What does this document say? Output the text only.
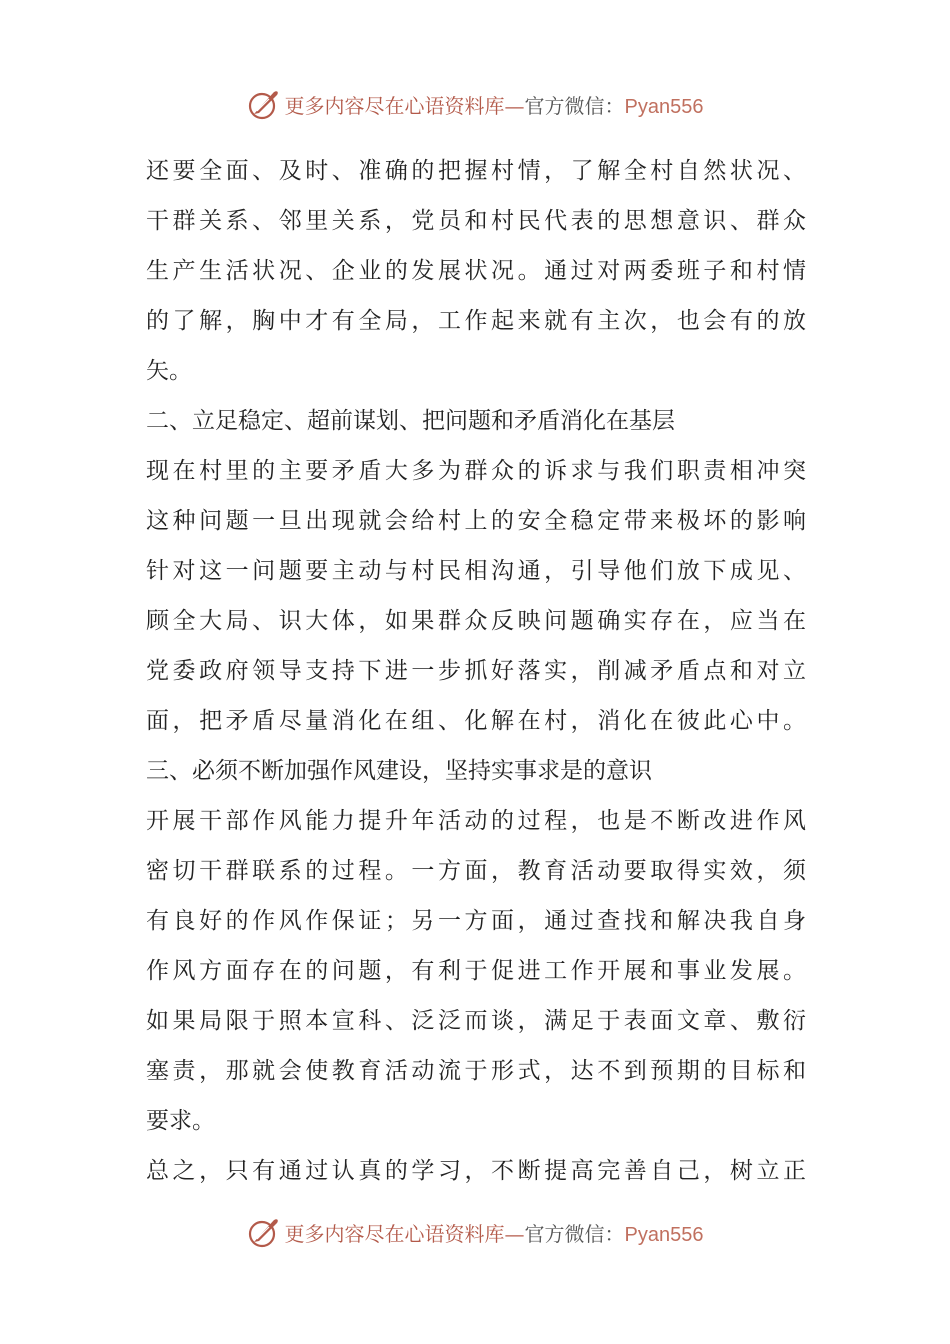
更多内容尽在心语资料库—官方微信：Pyan556
还要全面、及时、准确的把握村情，了解全村自然状况、
干群关系、邻里关系，党员和村民代表的思想意识、群众
生产生活状况、企业的发展状况。通过对两委班子和村情
的了解，胸中才有全局，工作起来就有主次，也会有的放
矢。
二、立足稳定、超前谋划、把问题和矛盾消化在基层
现在村里的主要矛盾大多为群众的诉求与我们职责相冲突
这种问题一旦出现就会给村上的安全稳定带来极坏的影响
针对这一问题要主动与村民相沟通，引导他们放下成见、
顾全大局、识大体，如果群众反映问题确实存在，应当在
党委政府领导支持下进一步抓好落实，削减矛盾点和对立
面，把矛盾尽量消化在组、化解在村，消化在彼此心中。
三、必须不断加强作风建设，坚持实事求是的意识
开展干部作风能力提升年活动的过程，也是不断改进作风
密切干群联系的过程。一方面，教育活动要取得实效，须
有良好的作风作保证；另一方面，通过查找和解决我自身
作风方面存在的问题，有利于促进工作开展和事业发展。
如果局限于照本宣科、泛泛而谈，满足于表面文章、敷衍
塞责，那就会使教育活动流于形式，达不到预期的目标和
要求。
总之，只有通过认真的学习，不断提高完善自己，树立正
更多内容尽在心语资料库—官方微信：Pyan556
